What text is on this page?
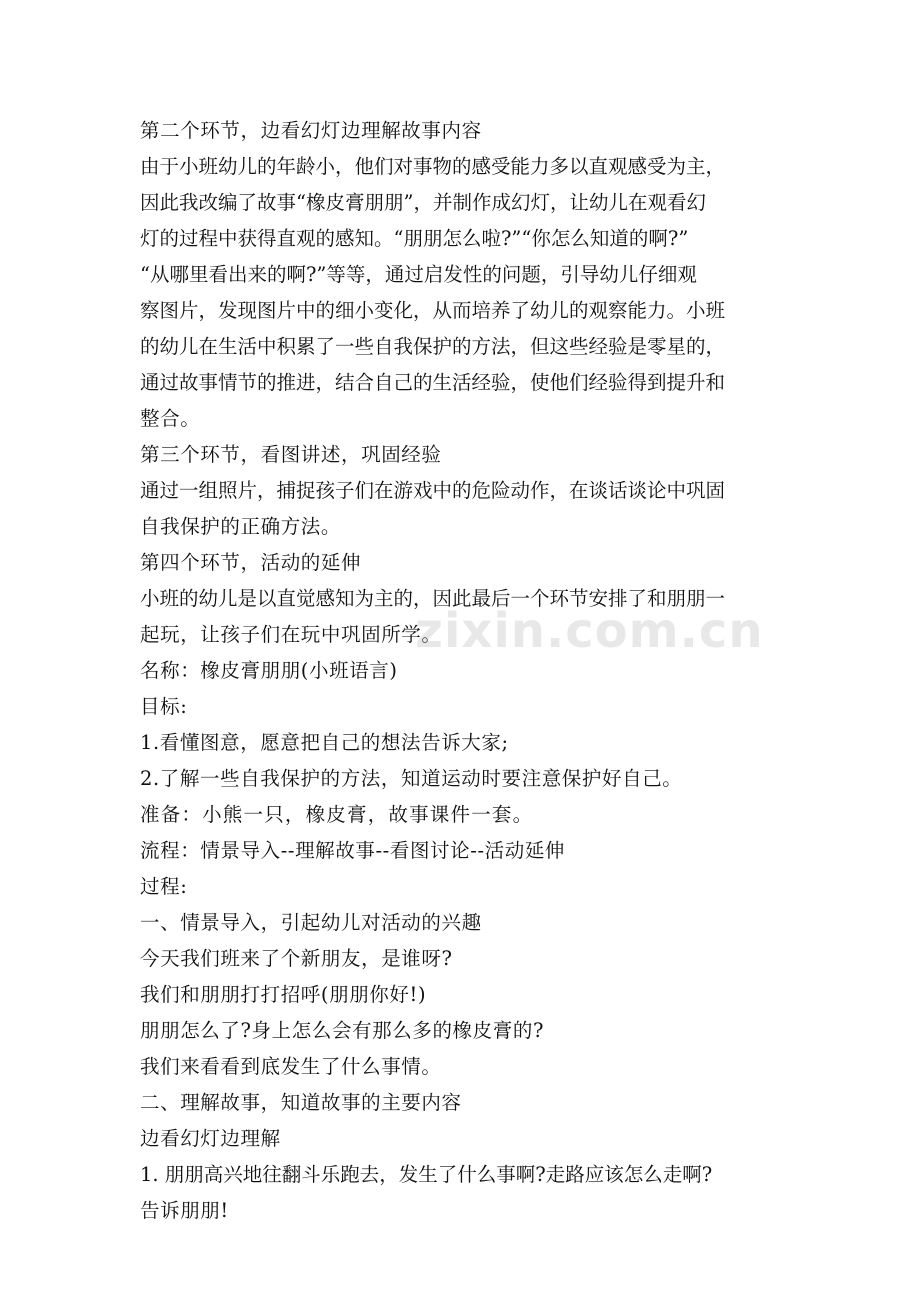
第二个环节，边看幻灯边理解故事内容
由于小班幼儿的年龄小，他们对事物的感受能力多以直观感受为主，
因此我改编了故事“橡皮膏朋朋”，并制作成幻灯，让幼儿在观看幻
灯的过程中获得直观的感知。“朋朋怎么啦?”“你怎么知道的啊?”
“从哪里看出来的啊?”等等，通过启发性的问题，引导幼儿仔细观
察图片，发现图片中的细小变化，从而培养了幼儿的观察能力。小班
的幼儿在生活中积累了一些自我保护的方法，但这些经验是零星的，
通过故事情节的推进，结合自己的生活经验，使他们经验得到提升和
整合。
第三个环节，看图讲述，巩固经验
通过一组照片，捕捉孩子们在游戏中的危险动作，在谈话谈论中巩固
自我保护的正确方法。
第四个环节，活动的延伸
小班的幼儿是以直觉感知为主的，因此最后一个环节安排了和朋朋一
起玩，让孩子们在玩中巩固所学。
名称：橡皮膏朋朋(小班语言)
目标:
1.看懂图意，愿意把自己的想法告诉大家;
2.了解一些自我保护的方法，知道运动时要注意保护好自己。
准备：小熊一只，橡皮膏，故事课件一套。
流程：情景导入--理解故事--看图讨论--活动延伸
过程:
一、情景导入，引起幼儿对活动的兴趣
今天我们班来了个新朋友，是谁呀?
我们和朋朋打打招呼(朋朋你好!)
朋朋怎么了?身上怎么会有那么多的橡皮膏的?
我们来看看到底发生了什么事情。
二、理解故事，知道故事的主要内容
边看幻灯边理解
1. 朋朋高兴地往翻斗乐跑去，发生了什么事啊?走路应该怎么走啊?
告诉朋朋!
zixin.com.cn
